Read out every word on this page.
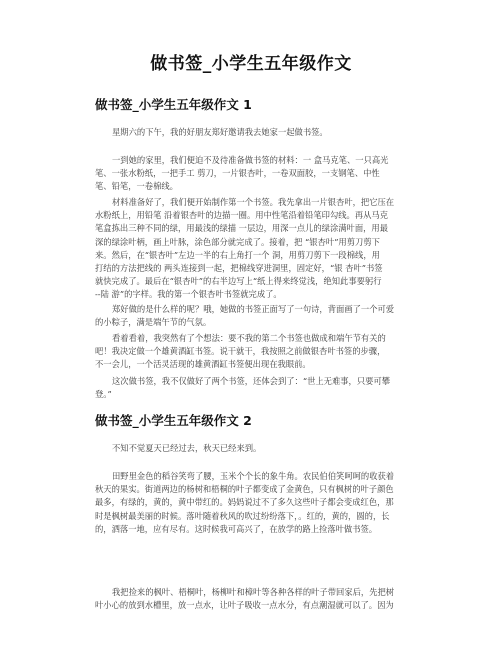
做书签_小学生五年级作文
做书签_小学生五年级作文 1

星期六的下午，我的好朋友郑好邀请我去她家一起做书签。

一到她的家里，我们便迫不及待准备做书签的材料：一 盒马克笔、一只高光
笔、一张水粉纸，一把手工 剪刀，一片银杏叶，一卷双面胶，一支钢笔、中性
笔、铅笔，一卷棉线。

材料准备好了，我们便开始制作第一个书签。我先拿出一片银杏叶，把它压在
水粉纸上，用铅笔 沿着银杏叶的边描一圈。用中性笔沿着铅笔印勾线。再从马克
笔盒拣出三种不同的绿，用最浅的绿描 一层边，用深一点儿的绿涂满叶面，用最
深的绿涂叶柄，画上叶脉，涂色部分就完成了。接着，把 “银杏叶”用剪刀剪下
来。然后，在“银杏叶”左边一半的右上角打一个 洞，用剪刀剪下一段棉线，用
打结的方法把线的 两头连接到一起，把棉线穿进洞里，固定好，“银 杏叶”书签
就快完成了。最后在“银杏叶”的右半边写上“纸上得来终觉浅，绝知此事要躬行
--陆 游”的字样。我的第一个银杏叶书签就完成了。

郑好做的是什么样的呢？哦，她做的书签正面写了一句诗，背面画了一个可爱
的小粽子，满是端午节的气氛。

看着看着，我突然有了个想法：要不我的第二个书签也做成和端午节有关的
吧！我决定做一个雄黄酒缸书签。说干就干，我按照之前做银杏叶书签的步骤，
不一会儿，一个活灵活现的雄黄酒缸书签便出现在我眼前。

这次做书签，我不仅做好了两个书签，还体会到了：“世上无难事，只要可攀
登。”

做书签_小学生五年级作文 2

不知不觉夏天已经过去，秋天已经来到。

田野里金色的稻谷笑弯了腰，玉米个个长的象牛角。农民伯伯笑呵呵的收获着
秋天的果实。街道两边的杨树和梧桐的叶子都变成了金黄色，只有枫树的叶子颜色
最多，有绿的，黄的，黄中带红的。妈妈说过不了多久这些叶子都会变成红色，那
时是枫树最美丽的时候。落叶随着秋风的吹过纷纷落下，。红的，黄的，圆的，长
的，洒落一地，应有尽有。这时候我可高兴了，在放学的路上捡落叶做书签。

我把捡来的枫叶、梧桐叶，杨柳叶和樟叶等各种各样的叶子带回家后，先把树
叶小心的放到水槽里，放一点水，让叶子吸收一点水分，有点潮湿就可以了。因为
